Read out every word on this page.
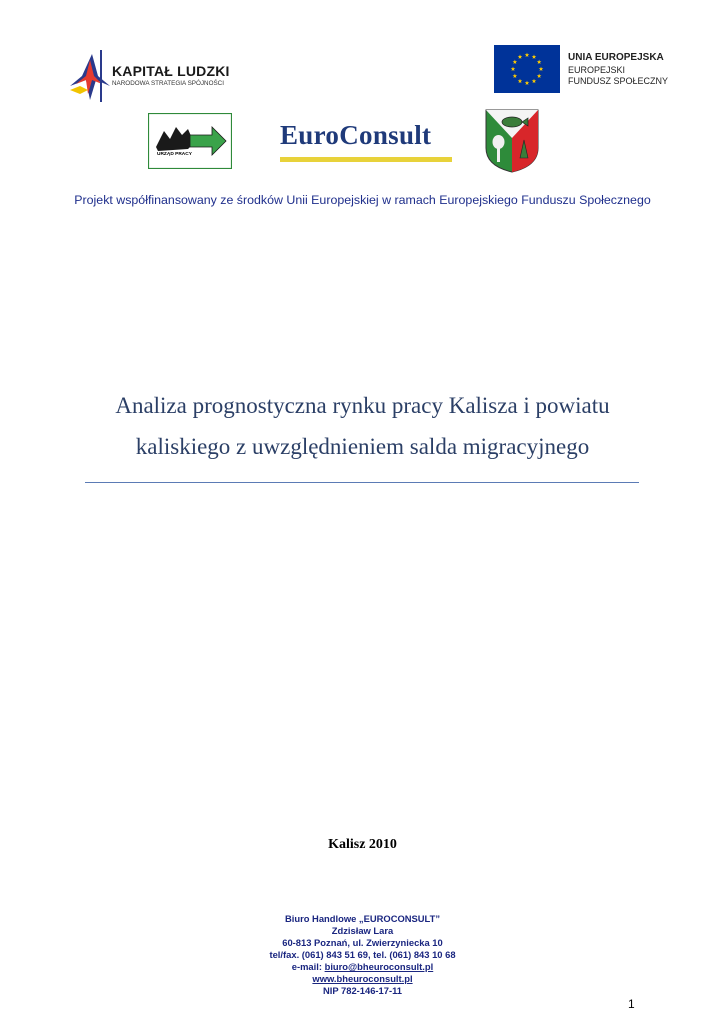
KAPITAŁ LUDZKI
NARODOWA STRATEGIA SPÓJNOŚCI
UNIA EUROPEJSKA
EUROPEJSKI
FUNDUSZ SPOŁECZNY
URZĄD PRACY
EuroConsult
Projekt współfinansowany ze środków Unii Europejskiej w ramach Europejskiego Funduszu Społecznego
Analiza prognostyczna rynku pracy Kalisza i powiatu
kaliskiego z uwzględnieniem salda migracyjnego
Kalisz 2010
Biuro Handlowe „EUROCONSULT”
Zdzisław Lara
60-813 Poznań, ul. Zwierzyniecka 10
tel/fax. (061) 843 51 69, tel. (061) 843 10 68
e-mail: biuro@bheuroconsult.pl
www.bheuroconsult.pl
NIP 782-146-17-11
1
